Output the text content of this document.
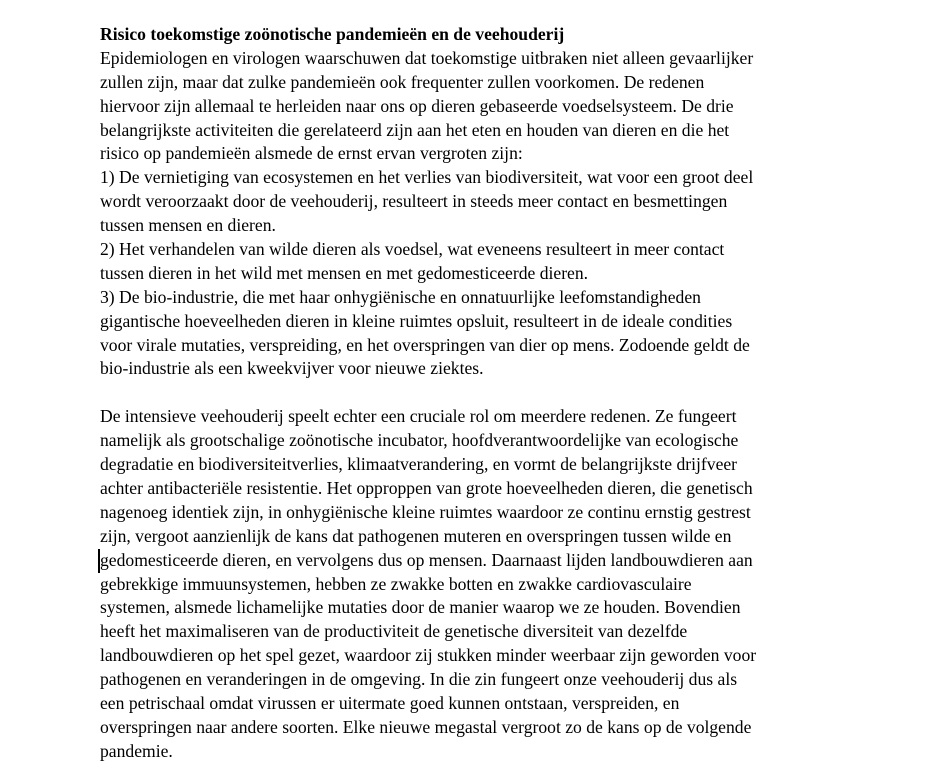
Risico toekomstige zoönotische pandemieën en de veehouderij
Epidemiologen en virologen waarschuwen dat toekomstige uitbraken niet alleen gevaarlijker
zullen zijn, maar dat zulke pandemieën ook frequenter zullen voorkomen. De redenen
hiervoor zijn allemaal te herleiden naar ons op dieren gebaseerde voedselsysteem. De drie
belangrijkste activiteiten die gerelateerd zijn aan het eten en houden van dieren en die het
risico op pandemieën alsmede de ernst ervan vergroten zijn:
1) De vernietiging van ecosystemen en het verlies van biodiversiteit, wat voor een groot deel
wordt veroorzaakt door de veehouderij, resulteert in steeds meer contact en besmettingen
tussen mensen en dieren.
2) Het verhandelen van wilde dieren als voedsel, wat eveneens resulteert in meer contact
tussen dieren in het wild met mensen en met gedomesticeerde dieren.
3) De bio-industrie, die met haar onhygiënische en onnatuurlijke leefomstandigheden
gigantische hoeveelheden dieren in kleine ruimtes opsluit, resulteert in de ideale condities
voor virale mutaties, verspreiding, en het overspringen van dier op mens. Zodoende geldt de
bio-industrie als een kweekvijver voor nieuwe ziektes.
De intensieve veehouderij speelt echter een cruciale rol om meerdere redenen. Ze fungeert
namelijk als grootschalige zoönotische incubator, hoofdverantwoordelijke van ecologische
degradatie en biodiversiteitverlies, klimaatverandering, en vormt de belangrijkste drijfveer
achter antibacteriële resistentie. Het opproppen van grote hoeveelheden dieren, die genetisch
nagenoeg identiek zijn, in onhygiënische kleine ruimtes waardoor ze continu ernstig gestrest
zijn, vergoot aanzienlijk de kans dat pathogenen muteren en overspringen tussen wilde en
gedomesticeerde dieren, en vervolgens dus op mensen. Daarnaast lijden landbouwdieren aan
gebrekkige immuunsystemen, hebben ze zwakke botten en zwakke cardiovasculaire
systemen, alsmede lichamelijke mutaties door de manier waarop we ze houden. Bovendien
heeft het maximaliseren van de productiviteit de genetische diversiteit van dezelfde
landbouwdieren op het spel gezet, waardoor zij stukken minder weerbaar zijn geworden voor
pathogenen en veranderingen in de omgeving. In die zin fungeert onze veehouderij dus als
een petrischaal omdat virussen er uitermate goed kunnen ontstaan, verspreiden, en
overspringen naar andere soorten. Elke nieuwe megastal vergroot zo de kans op de volgende
pandemie.
